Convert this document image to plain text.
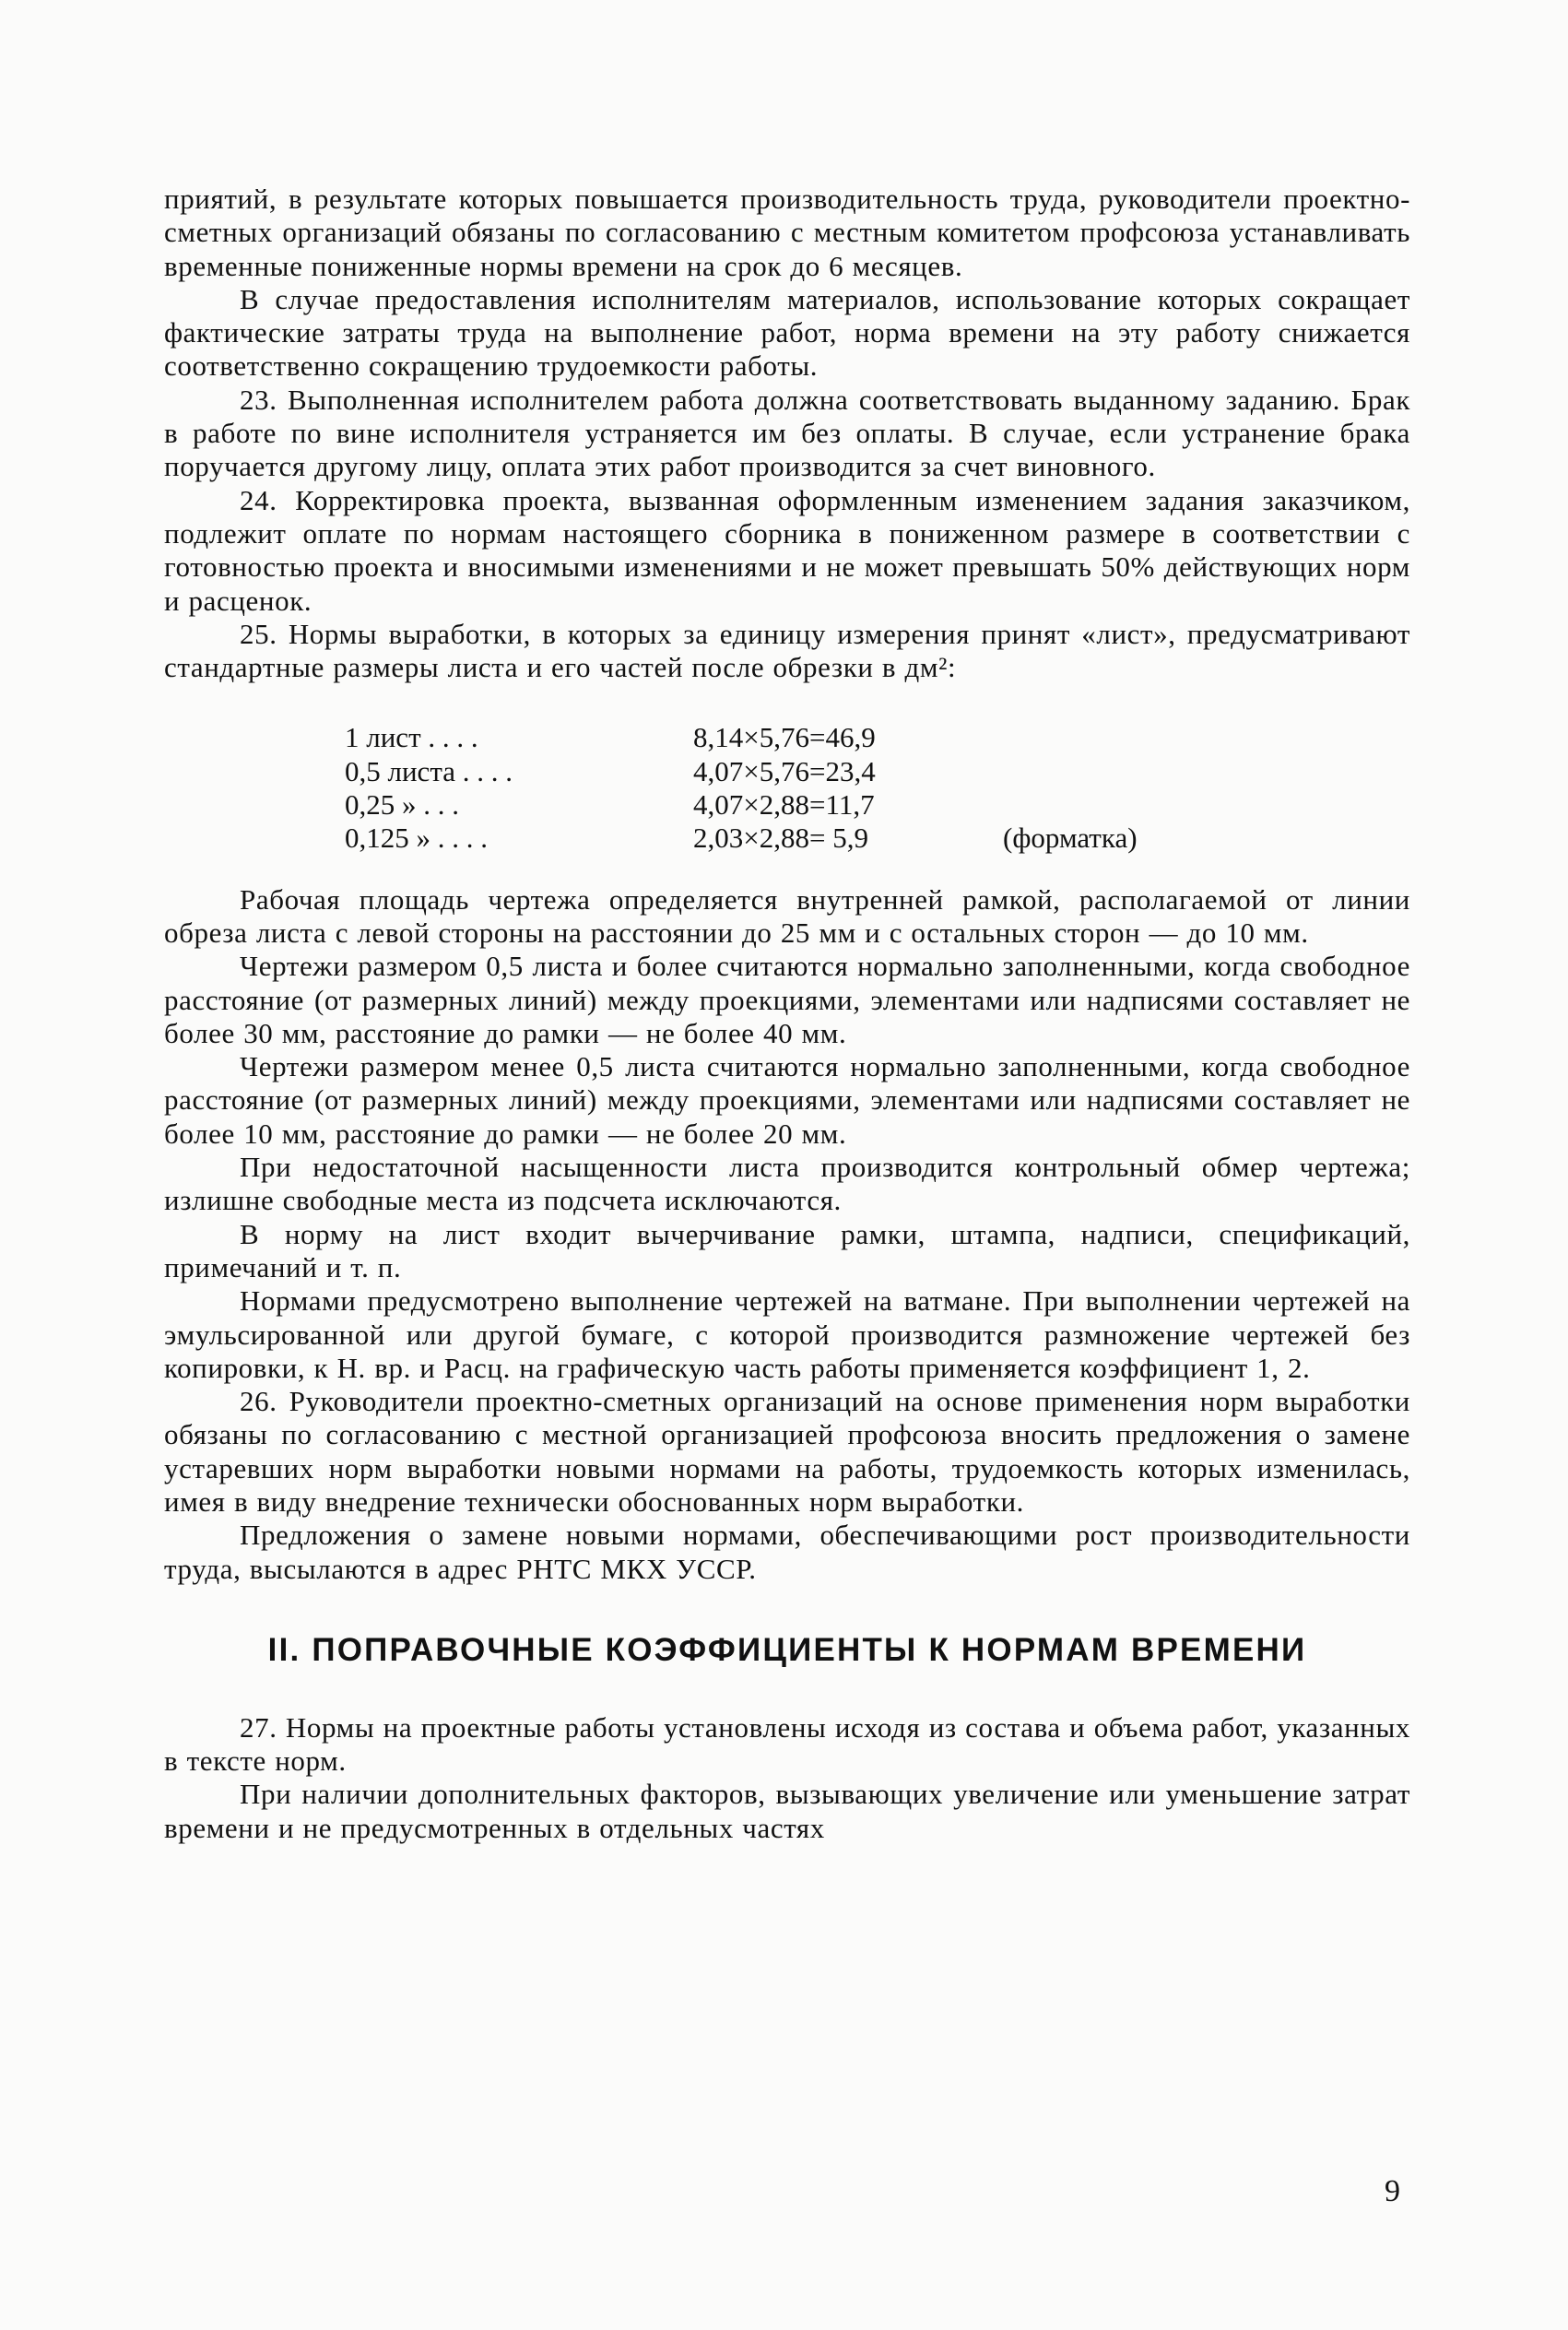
приятий, в результате которых повышается производительность труда, руководители проектно-сметных организаций обязаны по согласованию с местным комитетом профсоюза устанавливать временные пониженные нормы времени на срок до 6 месяцев.

В случае предоставления исполнителям материалов, использование которых сокращает фактические затраты труда на выполнение работ, норма времени на эту работу снижается соответственно сокращению трудоемкости работы.

23. Выполненная исполнителем работа должна соответствовать выданному заданию. Брак в работе по вине исполнителя устраняется им без оплаты. В случае, если устранение брака поручается другому лицу, оплата этих работ производится за счет виновного.

24. Корректировка проекта, вызванная оформленным изменением задания заказчиком, подлежит оплате по нормам настоящего сборника в пониженном размере в соответствии с готовностью проекта и вносимыми изменениями и не может превышать 50% действующих норм и расценок.

25. Нормы выработки, в которых за единицу измерения принят «лист», предусматривают стандартные размеры листа и его частей после обрезки в дм²:

1 лист . . . .	8,14×5,76=46,9
0,5 листа . . . .	4,07×5,76=23,4
0,25 » . . .	4,07×2,88=11,7
0,125 » . . . .	2,03×2,88= 5,9	(форматка)

Рабочая площадь чертежа определяется внутренней рамкой, располагаемой от линии обреза листа с левой стороны на расстоянии до 25 мм и с остальных сторон — до 10 мм.

Чертежи размером 0,5 листа и более считаются нормально заполненными, когда свободное расстояние (от размерных линий) между проекциями, элементами или надписями составляет не более 30 мм, расстояние до рамки — не более 40 мм.

Чертежи размером менее 0,5 листа считаются нормально заполненными, когда свободное расстояние (от размерных линий) между проекциями, элементами или надписями составляет не более 10 мм, расстояние до рамки — не более 20 мм.

При недостаточной насыщенности листа производится контрольный обмер чертежа; излишне свободные места из подсчета исключаются.

В норму на лист входит вычерчивание рамки, штампа, надписи, спецификаций, примечаний и т. п.

Нормами предусмотрено выполнение чертежей на ватмане. При выполнении чертежей на эмульсированной или другой бумаге, с которой производится размножение чертежей без копировки, к Н. вр. и Расц. на графическую часть работы применяется коэффициент 1, 2.

26. Руководители проектно-сметных организаций на основе применения норм выработки обязаны по согласованию с местной организацией профсоюза вносить предложения о замене устаревших норм выработки новыми нормами на работы, трудоемкость которых изменилась, имея в виду внедрение технически обоснованных норм выработки.

Предложения о замене новыми нормами, обеспечивающими рост производительности труда, высылаются в адрес РНТС МКХ УССР.

II. ПОПРАВОЧНЫЕ КОЭФФИЦИЕНТЫ К НОРМАМ ВРЕМЕНИ

27. Нормы на проектные работы установлены исходя из состава и объема работ, указанных в тексте норм.

При наличии дополнительных факторов, вызывающих увеличение или уменьшение затрат времени и не предусмотренных в отдельных частях

9
